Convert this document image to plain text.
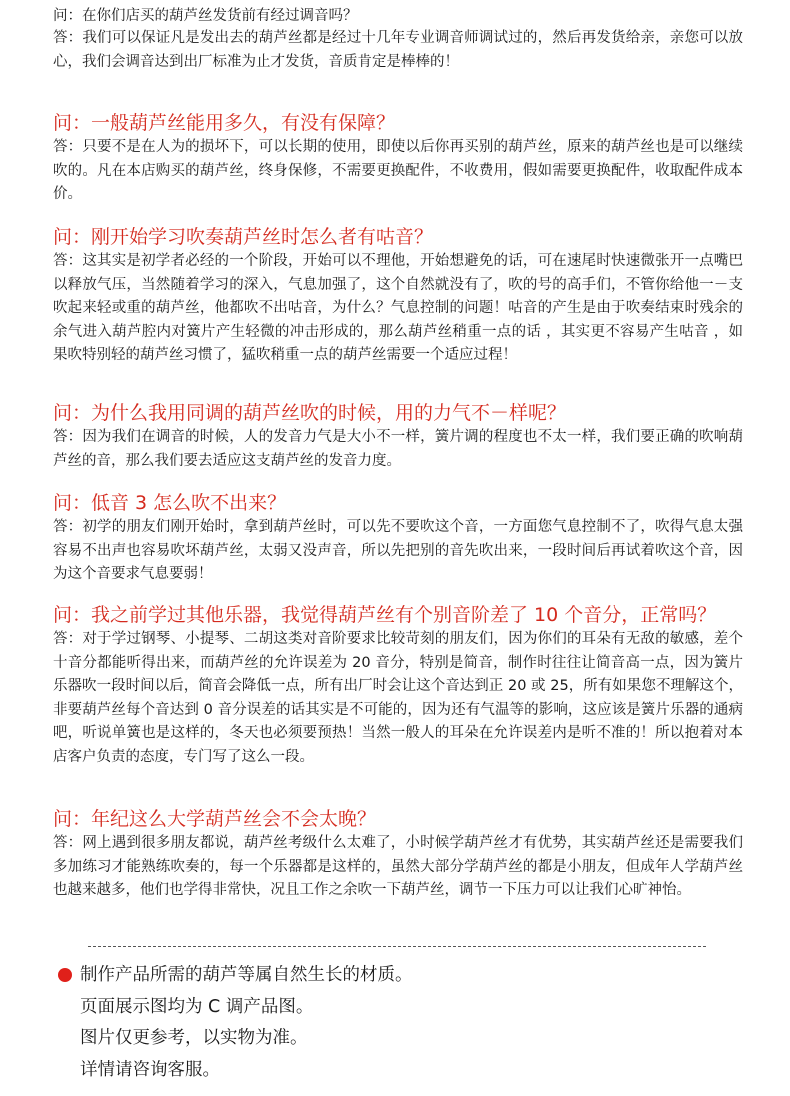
问：在你们店买的葫芦丝发货前有经过调音吗？

答：我们可以保证凡是发出去的葫芦丝都是经过十几年专业调音师调试过的，然后再发货给亲，亲您可以放心，我们会调音达到出厂标准为止才发货，音质肯定是棒棒的！

问：一般葫芦丝能用多久，有没有保障？

答：只要不是在人为的损坏下，可以长期的使用，即使以后你再买别的葫芦丝，原来的葫芦丝也是可以继续吹的。凡在本店购买的葫芦丝，终身保修，不需要更换配件，不收费用，假如需要更换配件，收取配件成本价。

问：刚开始学习吹奏葫芦丝时怎么者有咕音？

答：这其实是初学者必经的一个阶段，开始可以不理他，开始想避免的话，可在速尾时快速微张开一点嘴巴以释放气压，当然随着学习的深入，气息加强了，这个自然就没有了，吹的号的高手们，不管你给他一－支吹起来轻或重的葫芦丝，他都吹不出咕音，为什么？气息控制的问题！咕音的产生是由于吹奏结束时残余的余气进入葫芦腔内对簧片产生轻微的冲击形成的，那么葫芦丝稍重一点的话 ，其实更不容易产生咕音 ，如果吹特别轻的葫芦丝习惯了，猛吹稍重一点的葫芦丝需要一个适应过程！

问：为什么我用同调的葫芦丝吹的时候，用的力气不－样呢？

答：因为我们在调音的时候，人的发音力气是大小不一样，簧片调的程度也不太一样，我们要正确的吹响葫芦丝的音，那么我们要去适应这支葫芦丝的发音力度。

问：低音 3 怎么吹不出来？

答：初学的朋友们刚开始时，拿到葫芦丝时，可以先不要吹这个音，一方面您气息控制不了，吹得气息太强容易不出声也容易吹坏葫芦丝，太弱又没声音，所以先把别的音先吹出来，一段时间后再试着吹这个音，因为这个音要求气息要弱！

问：我之前学过其他乐器，我觉得葫芦丝有个别音阶差了 10 个音分，正常吗？

答：对于学过钢琴、小提琴、二胡这类对音阶要求比较苛刻的朋友们，因为你们的耳朵有无敌的敏感，差个十音分都能听得出来，而葫芦丝的允许误差为 20 音分，特别是简音，制作时往往让简音高一点，因为簧片乐器吹一段时间以后，简音会降低一点，所有出厂时会让这个音达到正 20 或 25，所有如果您不理解这个，非要葫芦丝每个音达到 0 音分误差的话其实是不可能的，因为还有气温等的影响，这应该是簧片乐器的通病吧，听说单簧也是这样的，冬天也必须要预热！当然一般人的耳朵在允许误差内是听不准的！所以抱着对本店客户负责的态度，专门写了这么一段。

问：年纪这么大学葫芦丝会不会太晚？

答：网上遇到很多朋友都说，葫芦丝考级什么太难了，小时候学葫芦丝才有优势，其实葫芦丝还是需要我们多加练习才能熟练吹奏的，每一个乐器都是这样的，虽然大部分学葫芦丝的都是小朋友，但成年人学葫芦丝也越来越多，他们也学得非常快，况且工作之余吹一下葫芦丝，调节一下压力可以让我们心旷神怡。

制作产品所需的葫芦等属自然生长的材质。

页面展示图均为 C 调产品图。

图片仅更参考，以实物为准。

详情请咨询客服。
